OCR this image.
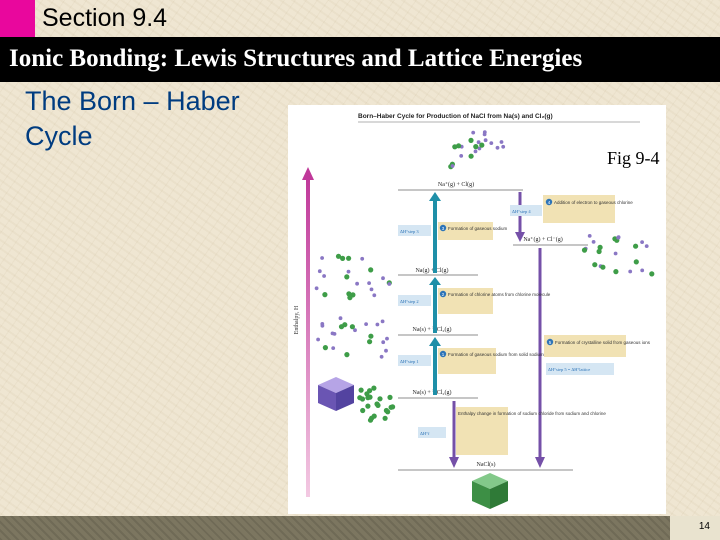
Section 9.4
Ionic Bonding: Lewis Structures and Lattice Energies
The Born – Haber Cycle
Born–Haber Cycle for Production of NaCl from Na(s) and Cl₂(g)
Enthalpy, H
Na⁺(g) + Cl(g)
Na⁺(g) + Cl⁻(g)
Na(g) + Cl(g)
Na(s) + ½Cl₂(g)
Na(s) + ½Cl₂(g)
NaCl(s)
3 Formation of gaseous sodium
ΔH°step 3
2 Formation of chlorine atoms from chlorine molecule
ΔH°step 2
1 Formation of gaseous sodium from solid sodium
ΔH°step 1
4 Addition of electron to gaseous chlorine
ΔH°step 4
5 Formation of crystalline solid from gaseous ions
ΔH°step 5 = ΔH°lattice
Enthalpy change in formation of sodium chloride from sodium and chlorine
ΔH°f
Fig 9-4
14
